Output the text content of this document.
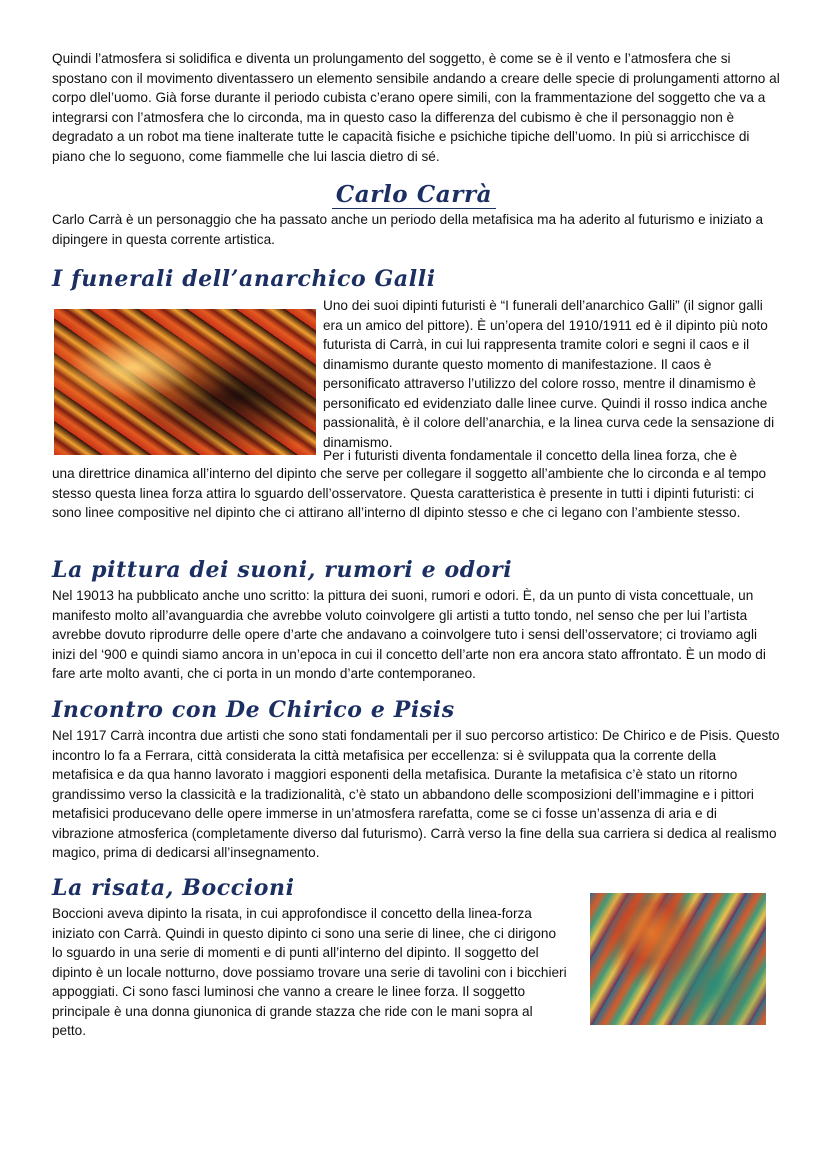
Quindi l’atmosfera si solidifica e diventa un prolungamento del soggetto, è come se è il vento e l’atmosfera che si spostano con il movimento diventassero un elemento sensibile andando a creare delle specie di prolungamenti attorno al corpo dlel’uomo. Già forse durante il periodo cubista c’erano opere simili, con la frammentazione del soggetto che va a integrarsi con l’atmosfera che lo circonda, ma in questo caso la differenza del cubismo è che il personaggio non è degradato a un robot ma tiene inalterate tutte le capacità fisiche e psichiche tipiche dell’uomo. In più si arricchisce di piano che lo seguono, come fiammelle che lui lascia dietro di sé.

Carlo Carrà

Carlo Carrà è un personaggio che ha passato anche un periodo della metafisica ma ha aderito al futurismo e iniziato a dipingere in questa corrente artistica.

I funerali dell’anarchico Galli

Uno dei suoi dipinti futuristi è “I funerali dell’anarchico Galli” (il signor galli era un amico del pittore). È un’opera del 1910/1911 ed è il dipinto più noto futurista di Carrà, in cui lui rappresenta tramite colori e segni il caos e il dinamismo durante questo momento di manifestazione. Il caos è personificato attraverso l’utilizzo del colore rosso, mentre il dinamismo è personificato ed evidenziato dalle linee curve. Quindi il rosso indica anche passionalità, è il colore dell’anarchia, e la linea curva cede la sensazione di dinamismo.

Per i futuristi diventa fondamentale il concetto della linea forza, che è

una direttrice dinamica all’interno del dipinto che serve per collegare il soggetto all’ambiente che lo circonda e al tempo stesso questa linea forza attira lo sguardo dell’osservatore. Questa caratteristica è presente in tutti i dipinti futuristi: ci sono linee compositive nel dipinto che ci attirano all’interno dl dipinto stesso e che ci legano con l’ambiente stesso.

La pittura dei suoni, rumori e odori

Nel 19013 ha pubblicato anche uno scritto: la pittura dei suoni, rumori e odori. È, da un punto di vista concettuale, un manifesto molto all’avanguardia che avrebbe voluto coinvolgere gli artisti a tutto tondo, nel senso che per lui l’artista avrebbe dovuto riprodurre delle opere d’arte che andavano a coinvolgere tuto i sensi dell’osservatore; ci troviamo agli inizi del ‘900 e quindi siamo ancora in un’epoca in cui il concetto dell’arte non era ancora stato affrontato. È un modo di fare arte molto avanti, che ci porta in un mondo d’arte contemporaneo.

Incontro con De Chirico e Pisis

Nel 1917 Carrà incontra due artisti che sono stati fondamentali per il suo percorso artistico: De Chirico e de Pisis. Questo incontro lo fa a Ferrara, città considerata la città metafisica per eccellenza: si è sviluppata qua la corrente della metafisica e da qua hanno lavorato i maggiori esponenti della metafisica. Durante la metafisica c’è stato un ritorno grandissimo verso la classicità e la tradizionalità, c’è stato un abbandono delle scomposizioni dell’immagine e i pittori metafisici producevano delle opere immerse in un’atmosfera rarefatta, come se ci fosse un’assenza di aria e di vibrazione atmosferica (completamente diverso dal futurismo). Carrà verso la fine della sua carriera si dedica al realismo magico, prima di dedicarsi all’insegnamento.

La risata, Boccioni

Boccioni aveva dipinto la risata, in cui approfondisce il concetto della linea-forza iniziato con Carrà. Quindi in questo dipinto ci sono una serie di linee, che ci dirigono lo sguardo in una serie di momenti e di punti all’interno del dipinto. Il soggetto del dipinto è un locale notturno, dove possiamo trovare una serie di tavolini con i bicchieri appoggiati. Ci sono fasci luminosi che vanno a creare le linee forza. Il soggetto principale è una donna giunonica di grande stazza che ride con le mani sopra al petto.
